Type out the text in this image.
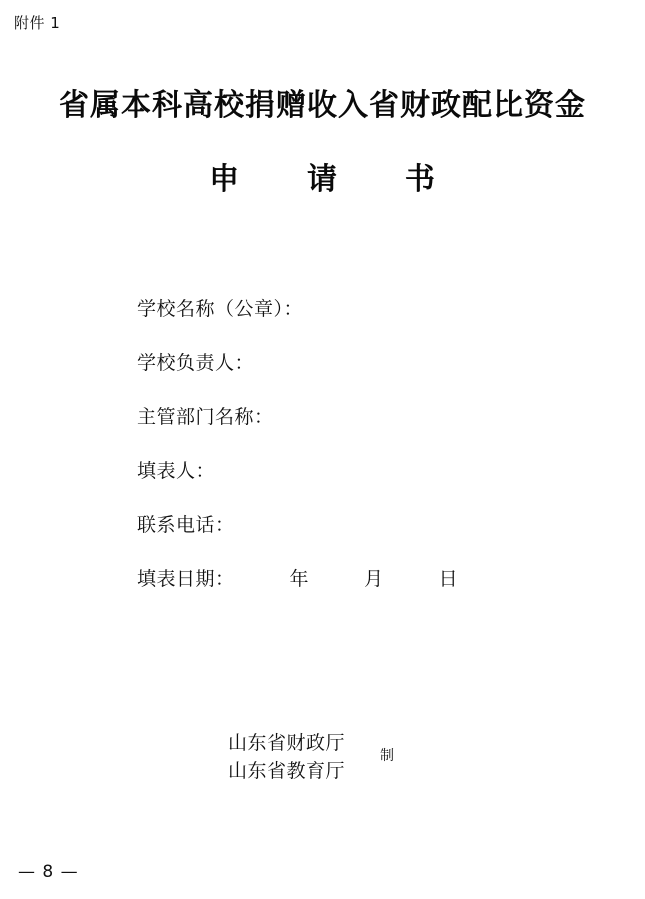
附件 1
省属本科高校捐赠收入省财政配比资金
申 请 书
学校名称（公章）：
学校负责人：
主管部门名称：
填表人：
联系电话：
填表日期：	年	月	日
山东省财政厅
山东省教育厅
制
— 8 —
